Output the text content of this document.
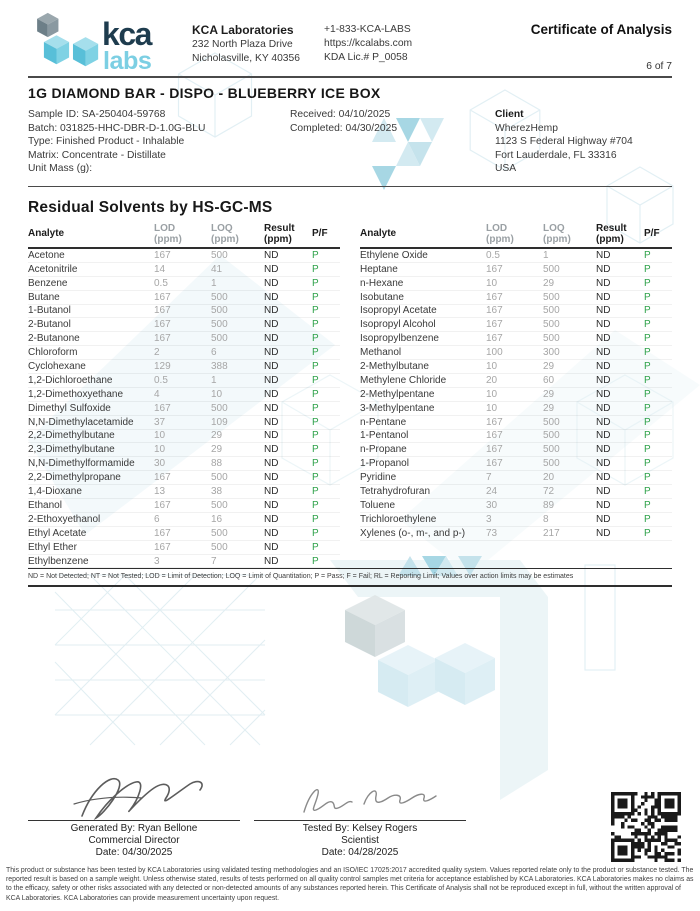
kca
labs
KCA Laboratories
232 North Plaza Drive
Nicholasville, KY 40356
+1-833-KCA-LABS
https://kcalabs.com
KDA Lic.# P_0058
Certificate of Analysis
6 of 7
1G DIAMOND BAR - DISPO - BLUEBERRY ICE BOX
Sample ID: SA-250404-59768
Batch: 031825-HHC-DBR-D-1.0G-BLU
Type: Finished Product - Inhalable
Matrix: Concentrate - Distillate
Unit Mass (g):
Received: 04/10/2025
Completed: 04/30/2025
Client
WherezHemp
1123 S Federal Highway #704
Fort Lauderdale, FL 33316
USA
Residual Solvents by HS-GC-MS
Analyte	LOD
(ppm)
LOQ
(ppm)
Result
(ppm)
P/F
Acetone	167	500	ND	P
Acetonitrile	14	41	ND	P
Benzene	0.5	1	ND	P
Butane	167	500	ND	P
1-Butanol	167	500	ND	P
2-Butanol	167	500	ND	P
2-Butanone	167	500	ND	P
Chloroform	2	6	ND	P
Cyclohexane	129	388	ND	P
1,2-Dichloroethane	0.5	1	ND	P
1,2-Dimethoxyethane	4	10	ND	P
Dimethyl Sulfoxide	167	500	ND	P
N,N-Dimethylacetamide	37	109	ND	P
2,2-Dimethylbutane	10	29	ND	P
2,3-Dimethylbutane	10	29	ND	P
N,N-Dimethylformamide	30	88	ND	P
2,2-Dimethylpropane	167	500	ND	P
1,4-Dioxane	13	38	ND	P
Ethanol	167	500	ND	P
2-Ethoxyethanol	6	16	ND	P
Ethyl Acetate	167	500	ND	P
Ethyl Ether	167	500	ND	P
Ethylbenzene	3	7	ND	P
Analyte	LOD
(ppm)
LOQ
(ppm)
Result
(ppm)
P/F
Ethylene Oxide	0.5	1	ND	P
Heptane	167	500	ND	P
n-Hexane	10	29	ND	P
Isobutane	167	500	ND	P
Isopropyl Acetate	167	500	ND	P
Isopropyl Alcohol	167	500	ND	P
Isopropylbenzene	167	500	ND	P
Methanol	100	300	ND	P
2-Methylbutane	10	29	ND	P
Methylene Chloride	20	60	ND	P
2-Methylpentane	10	29	ND	P
3-Methylpentane	10	29	ND	P
n-Pentane	167	500	ND	P
1-Pentanol	167	500	ND	P
n-Propane	167	500	ND	P
1-Propanol	167	500	ND	P
Pyridine	7	20	ND	P
Tetrahydrofuran	24	72	ND	P
Toluene	30	89	ND	P
Trichloroethylene	3	8	ND	P
Xylenes (o-, m-, and p-)	73	217	ND	P
ND = Not Detected; NT = Not Tested; LOD = Limit of Detection; LOQ = Limit of Quantitation; P = Pass; F = Fail; RL = Reporting Limit; Values over action limits may be estimates
Generated By: Ryan Bellone
Commercial Director
Date: 04/30/2025
Tested By: Kelsey Rogers
Scientist
Date: 04/28/2025
This product or substance has been tested by KCA Laboratories using validated testing methodologies and an ISO/IEC 17025:2017 accredited quality system. Values reported relate only to the product or substance tested. The reported result is based on a sample weight. Unless otherwise stated, results of tests performed on all quality control samples met criteria for acceptance established by KCA Laboratories. KCA Laboratories makes no claims as to the efficacy, safety or other risks associated with any detected or non-detected amounts of any substances reported herein. This Certificate of Analysis shall not be reproduced except in full, without the written approval of KCA Laboratories. KCA Laboratories can provide measurement uncertainty upon request.
